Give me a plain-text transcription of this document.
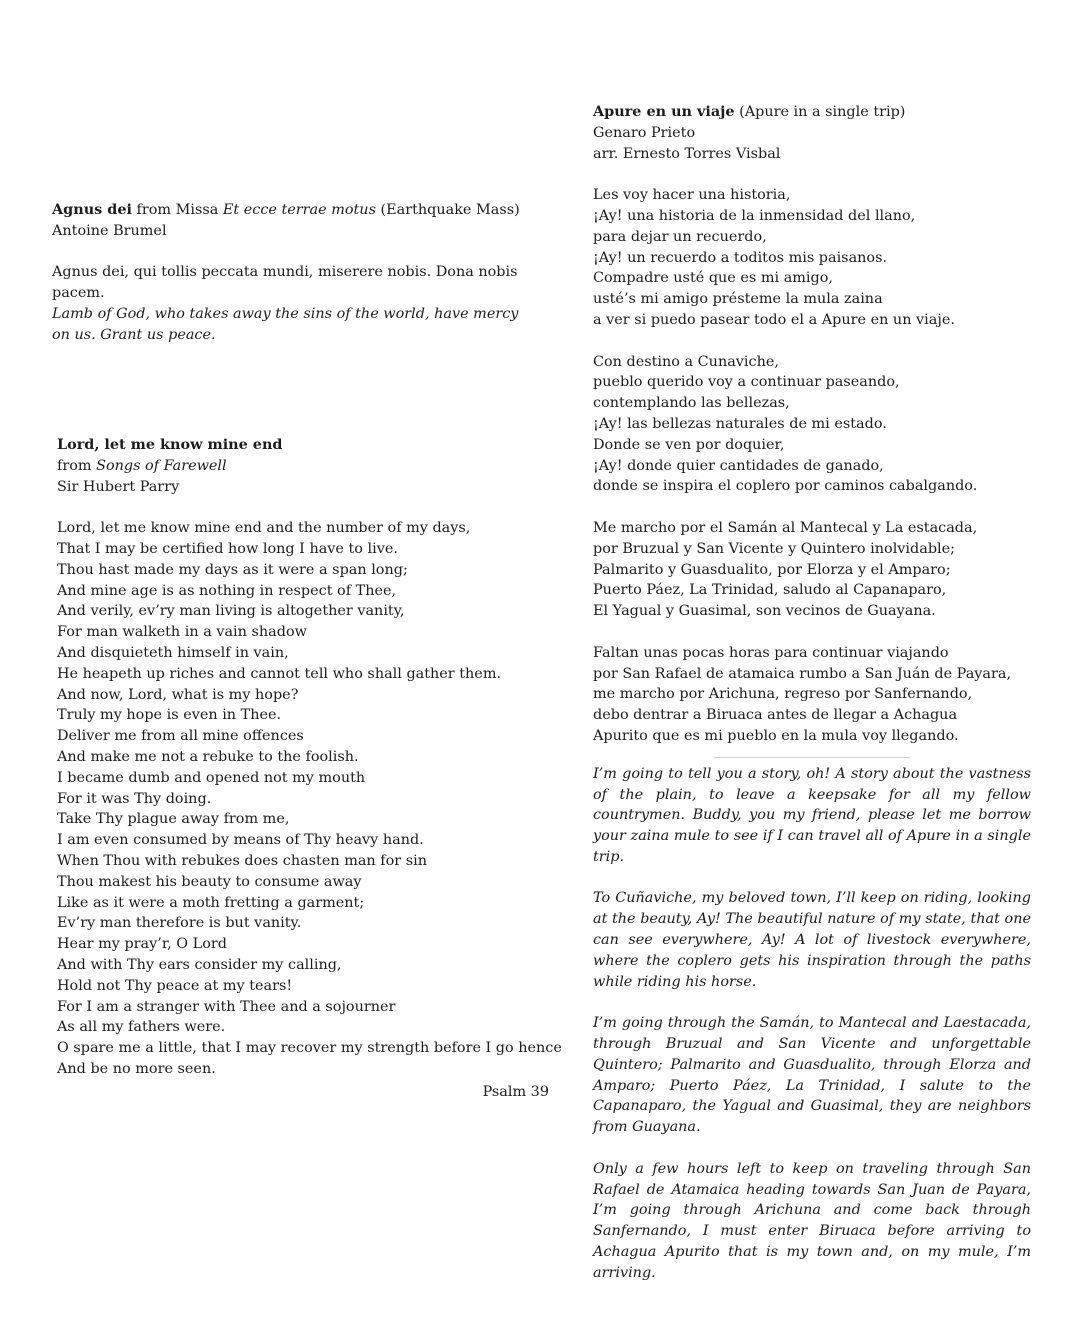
Agnus dei from Missa Et ecce terrae motus (Earthquake Mass)

Antoine Brumel

Agnus dei, qui tollis peccata mundi, miserere nobis. Dona nobis pacem.

Lamb of God, who takes away the sins of the world, have mercy on us. Grant us peace.

Lord, let me know mine end

from Songs of Farewell

Sir Hubert Parry

Lord, let me know mine end and the number of my days,
That I may be certified how long I have to live.
Thou hast made my days as it were a span long;
And mine age is as nothing in respect of Thee,
And verily, ev’ry man living is altogether vanity,
For man walketh in a vain shadow
And disquieteth himself in vain,
He heapeth up riches and cannot tell who shall gather them.
And now, Lord, what is my hope?
Truly my hope is even in Thee.
Deliver me from all mine offences
And make me not a rebuke to the foolish.
I became dumb and opened not my mouth
For it was Thy doing.
Take Thy plague away from me,
I am even consumed by means of Thy heavy hand.
When Thou with rebukes does chasten man for sin
Thou makest his beauty to consume away
Like as it were a moth fretting a garment;
Ev’ry man therefore is but vanity.
Hear my pray’r, O Lord
And with Thy ears consider my calling,
Hold not Thy peace at my tears!
For I am a stranger with Thee and a sojourner
As all my fathers were.
O spare me a little, that I may recover my strength before I go hence
And be no more seen.

Psalm 39

Apure en un viaje (Apure in a single trip)

Genaro Prieto

arr. Ernesto Torres Visbal

Les voy hacer una historia,
¡Ay! una historia de la inmensidad del llano,
para dejar un recuerdo,
¡Ay! un recuerdo a toditos mis paisanos.
Compadre usté que es mi amigo,
usté’s mi amigo présteme la mula zaina
a ver si puedo pasear todo el a Apure en un viaje.
Con destino a Cunaviche,
pueblo querido voy a continuar paseando,
contemplando las bellezas,
¡Ay! las bellezas naturales de mi estado.
Donde se ven por doquier,
¡Ay! donde quier cantidades de ganado,
donde se inspira el coplero por caminos cabalgando.
Me marcho por el Samán al Mantecal y La estacada,
por Bruzual y San Vicente y Quintero inolvidable;
Palmarito y Guasdualito, por Elorza y el Amparo;
Puerto Páez, La Trinidad, saludo al Capanaparo,
El Yagual y Guasimal, son vecinos de Guayana.
Faltan unas pocas horas para continuar viajando
por San Rafael de atamaica rumbo a San Juán de Payara,
me marcho por Arichuna, regreso por Sanfernando,
debo dentrar a Biruaca antes de llegar a Achagua
Apurito que es mi pueblo en la mula voy llegando.

I’m going to tell you a story, oh! A story about the vastness of the plain, to leave a keepsake for all my fellow countrymen. Buddy, you my friend, please let me borrow your zaina mule to see if I can travel all of Apure in a single trip.

To Cuñaviche, my beloved town, I’ll keep on riding, looking at the beauty, Ay! The beautiful nature of my state, that one can see everywhere, Ay! A lot of livestock everywhere, where the coplero gets his inspiration through the paths while riding his horse.

I’m going through the Samán, to Mantecal and Laestacada, through Bruzual and San Vicente and unforgettable Quintero; Palmarito and Guasdualito, through Elorza and Amparo; Puerto Páez, La Trinidad, I salute to the Capanaparo, the Yagual and Guasimal, they are neighbors from Guayana.

Only a few hours left to keep on traveling through San Rafael de Atamaica heading towards San Juan de Payara, I’m going through Arichuna and come back through Sanfernando, I must enter Biruaca before arriving to Achagua Apurito that is my town and, on my mule, I’m arriving.
